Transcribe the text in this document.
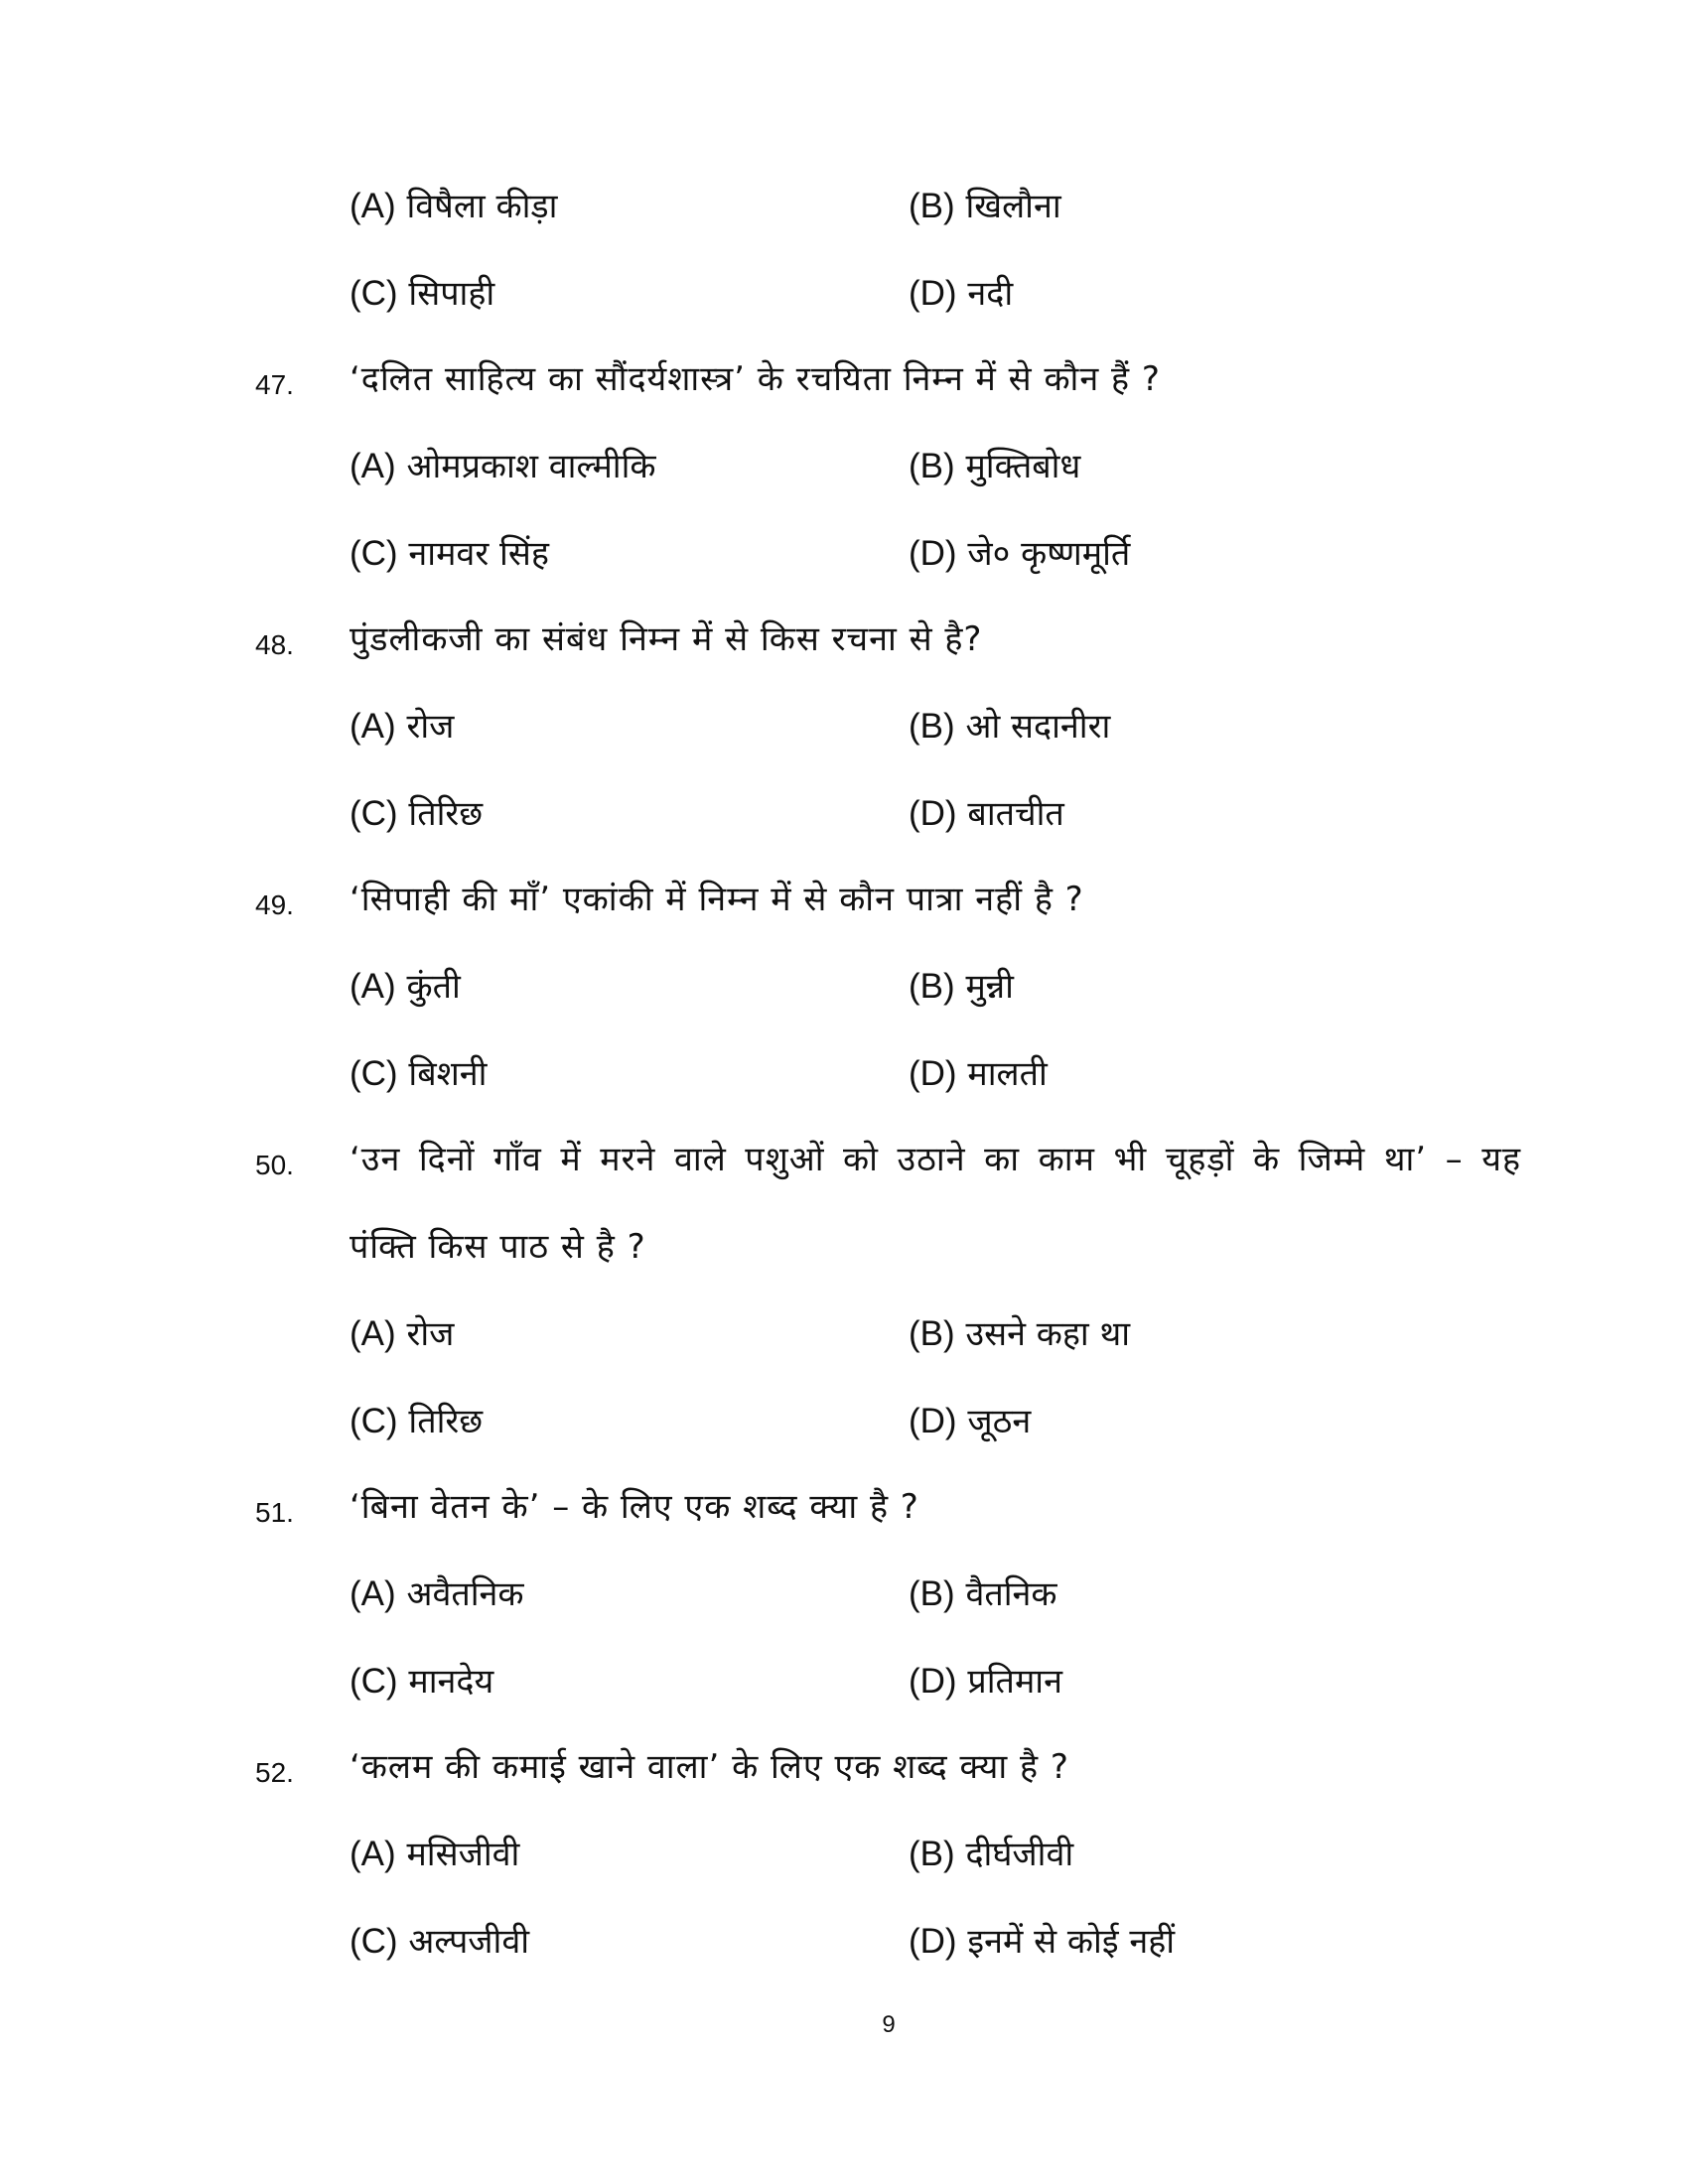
(A) विषैला कीड़ा	(B) खिलौना
(C) सिपाही	(D) नदी
47. ‘दलित साहित्य का सौंदर्यशास्त्र’ के रचयिता निम्न में से कौन हैं ?
(A) ओमप्रकाश वाल्मीकि	(B) मुक्तिबोध
(C) नामवर सिंह	(D) जे० कृष्णमूर्ति
48. पुंडलीकजी का संबंध निम्न में से किस रचना से है?
(A) रोज	(B) ओ सदानीरा
(C) तिरिछ	(D) बातचीत
49. ‘सिपाही की माँ’ एकांकी में निम्न में से कौन पात्रा नहीं है ?
(A) कुंती	(B) मुन्नी
(C) बिशनी	(D) मालती
50. ‘उन दिनों गाँव में मरने वाले पशुओं को उठाने का काम भी चूहड़ों के जिम्मे था’ – यह
पंक्ति किस पाठ से है ?
(A) रोज	(B) उसने कहा था
(C) तिरिछ	(D) जूठन
51. ‘बिना वेतन के’ – के लिए एक शब्द क्या है ?
(A) अवैतनिक	(B) वैतनिक
(C) मानदेय	(D) प्रतिमान
52. ‘कलम की कमाई खाने वाला’ के लिए एक शब्द क्या है ?
(A) मसिजीवी	(B) दीर्घजीवी
(C) अल्पजीवी	(D) इनमें से कोई नहीं
9
